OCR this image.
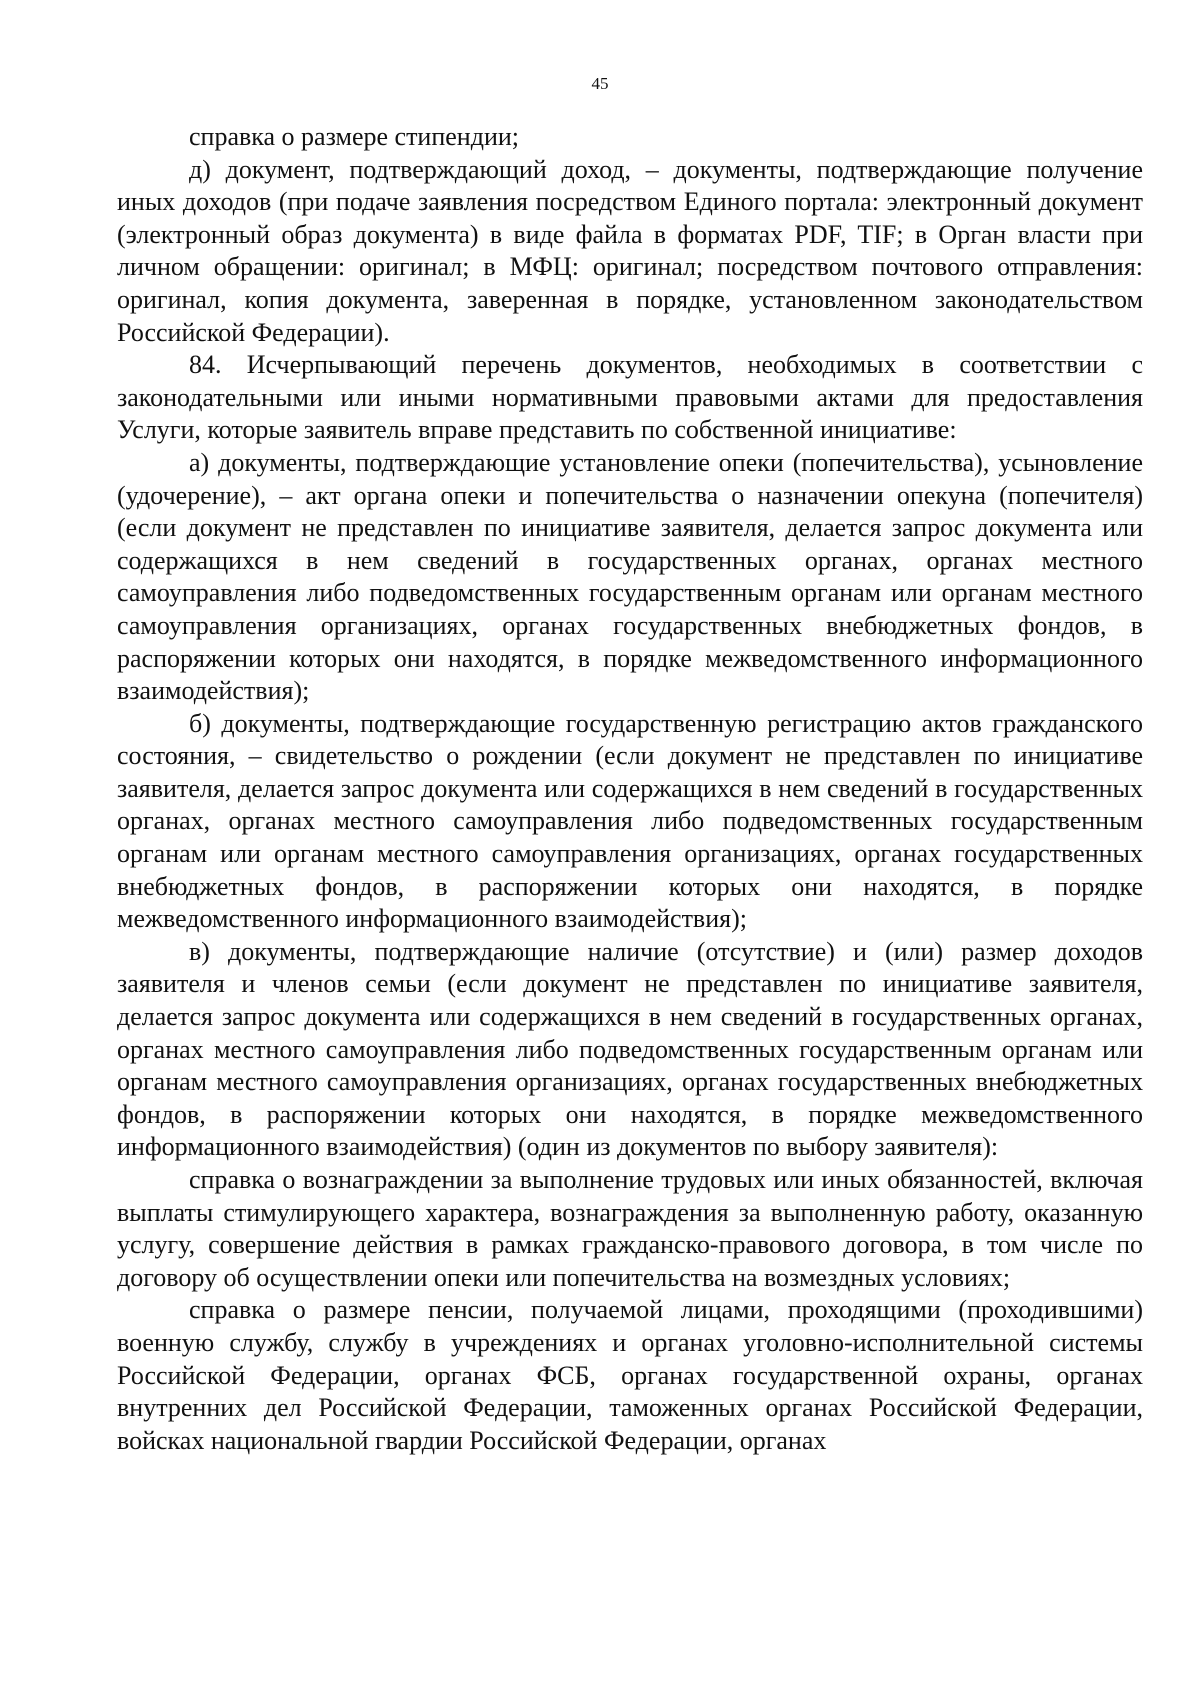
45

справка о размере стипендии;

д) документ, подтверждающий доход, – документы, подтверждающие получение иных доходов (при подаче заявления посредством Единого портала: электронный документ (электронный образ документа) в виде файла в форматах PDF, TIF; в Орган власти при личном обращении: оригинал; в МФЦ: оригинал; посредством почтового отправления: оригинал, копия документа, заверенная в порядке, установленном законодательством Российской Федерации).

84. Исчерпывающий перечень документов, необходимых в соответствии с законодательными или иными нормативными правовыми актами для предоставления Услуги, которые заявитель вправе представить по собственной инициативе:

а) документы, подтверждающие установление опеки (попечительства), усыновление (удочерение), – акт органа опеки и попечительства о назначении опекуна (попечителя) (если документ не представлен по инициативе заявителя, делается запрос документа или содержащихся в нем сведений в государственных органах, органах местного самоуправления либо подведомственных государственным органам или органам местного самоуправления организациях, органах государственных внебюджетных фондов, в распоряжении которых они находятся, в порядке межведомственного информационного взаимодействия);

б) документы, подтверждающие государственную регистрацию актов гражданского состояния, – свидетельство о рождении (если документ не представлен по инициативе заявителя, делается запрос документа или содержащихся в нем сведений в государственных органах, органах местного самоуправления либо подведомственных государственным органам или органам местного самоуправления организациях, органах государственных внебюджетных фондов, в распоряжении которых они находятся, в порядке межведомственного информационного взаимодействия);

в) документы, подтверждающие наличие (отсутствие) и (или) размер доходов заявителя и членов семьи (если документ не представлен по инициативе заявителя, делается запрос документа или содержащихся в нем сведений в государственных органах, органах местного самоуправления либо подведомственных государственным органам или органам местного самоуправления организациях, органах государственных внебюджетных фондов, в распоряжении которых они находятся, в порядке межведомственного информационного взаимодействия) (один из документов по выбору заявителя):

справка о вознаграждении за выполнение трудовых или иных обязанностей, включая выплаты стимулирующего характера, вознаграждения за выполненную работу, оказанную услугу, совершение действия в рамках гражданско-правового договора, в том числе по договору об осуществлении опеки или попечительства на возмездных условиях;

справка о размере пенсии, получаемой лицами, проходящими (проходившими) военную службу, службу в учреждениях и органах уголовно-исполнительной системы Российской Федерации, органах ФСБ, органах государственной охраны, органах внутренних дел Российской Федерации, таможенных органах Российской Федерации, войсках национальной гвардии Российской Федерации, органах
